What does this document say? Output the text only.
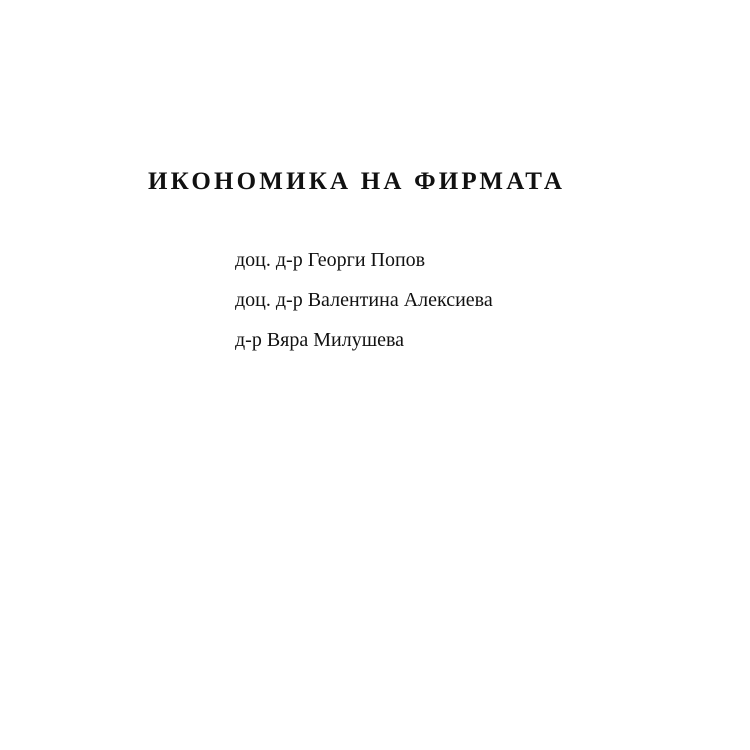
ИКОНОМИКА НА ФИРМАТА
доц. д-р Георги Попов
доц. д-р Валентина Алексиева
д-р Вяра Милушева
